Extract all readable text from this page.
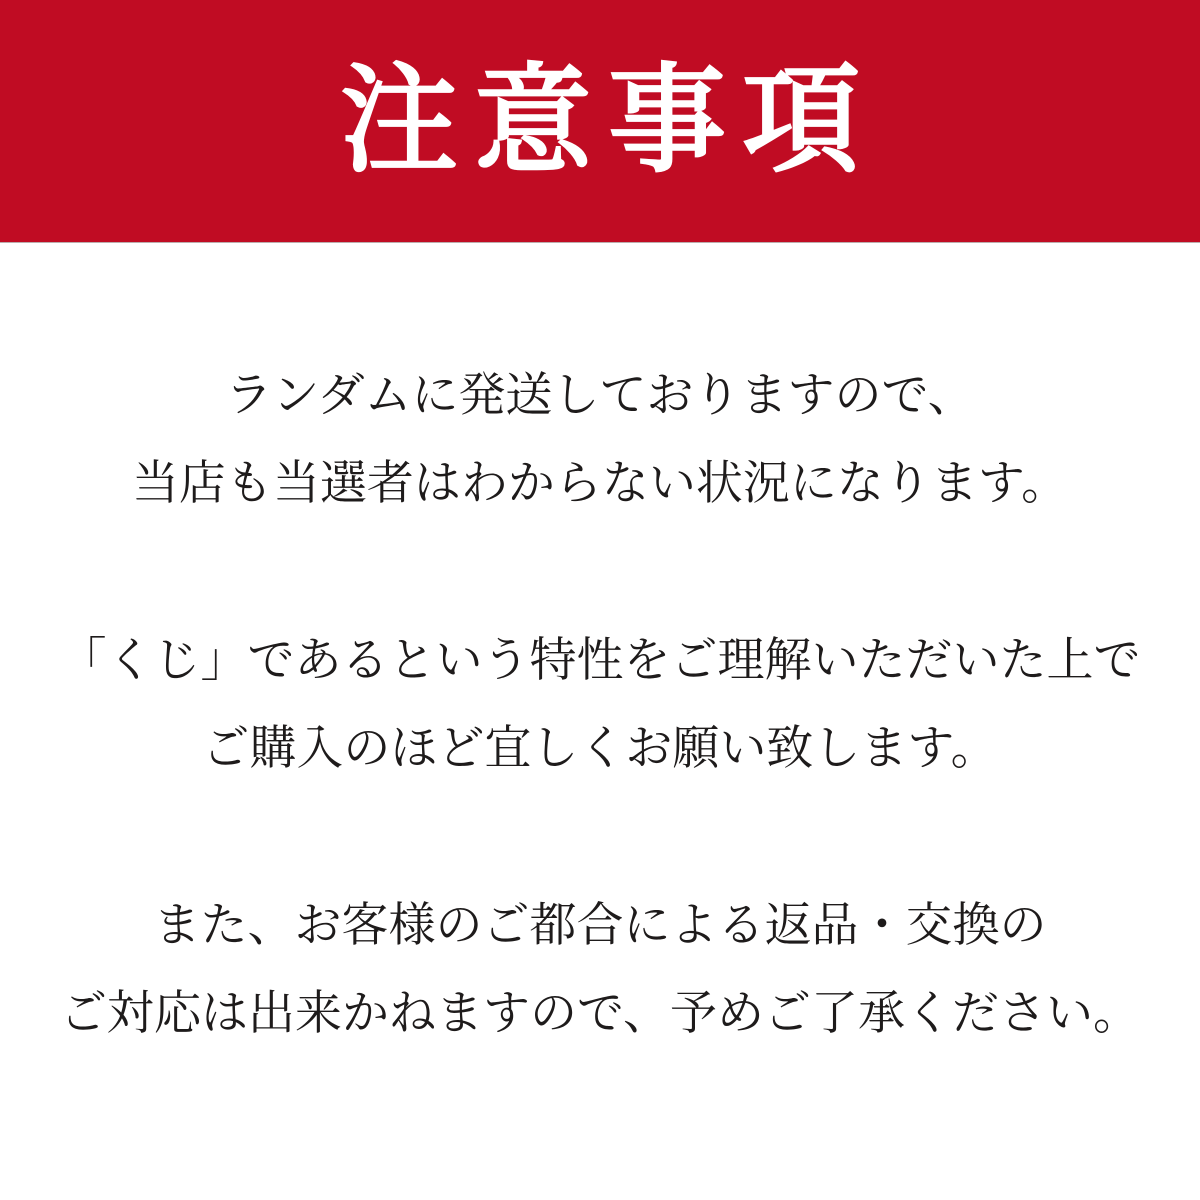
注意事項

ランダムに発送しておりますので、
当店も当選者はわからない状況になります。

「くじ」であるという特性をご理解いただいた上で
ご購入のほど宜しくお願い致します。

また、お客様のご都合による返品・交換の
ご対応は出来かねますので、予めご了承ください。
